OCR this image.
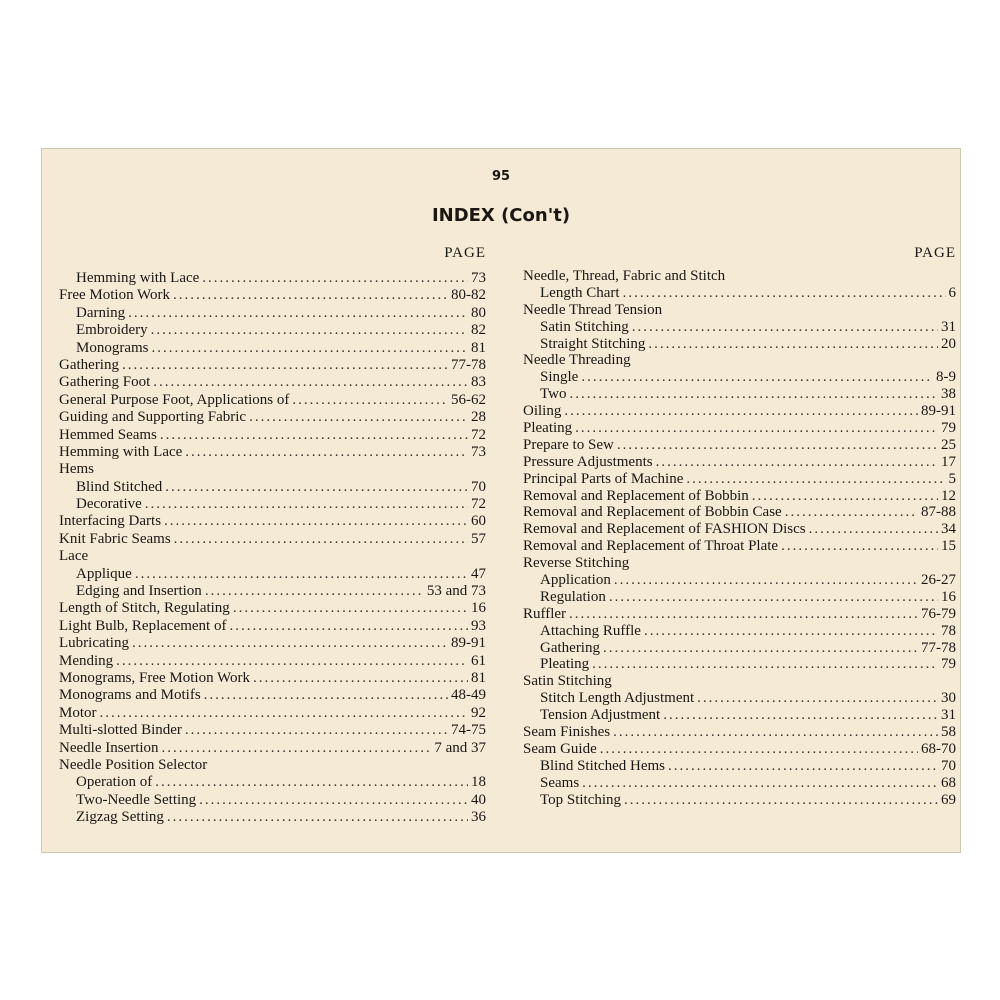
95
INDEX (Con't)
PAGE
Hemming with Lace .....	73
Free Motion Work .....	80-82
Darning .....	80
Embroidery .....	82
Monograms .....	81
Gathering .....	77-78
Gathering Foot .....	83
General Purpose Foot, Applications of .....	56-62
Guiding and Supporting Fabric .....	28
Hemmed Seams .....	72
Hemming with Lace .....	73
Hems
Blind Stitched .....	70
Decorative .....	72
Interfacing Darts .....	60
Knit Fabric Seams .....	57
Lace
Applique .....	47
Edging and Insertion .....	53 and 73
Length of Stitch, Regulating .....	16
Light Bulb, Replacement of .....	93
Lubricating .....	89-91
Mending .....	61
Monograms, Free Motion Work .....	81
Monograms and Motifs .....	48-49
Motor .....	92
Multi-slotted Binder .....	74-75
Needle Insertion .....	7 and 37
Needle Position Selector
Operation of .....	18
Two-Needle Setting .....	40
Zigzag Setting .....	36
PAGE
Needle, Thread, Fabric and Stitch
Length Chart .....	6
Needle Thread Tension
Satin Stitching .....	31
Straight Stitching .....	20
Needle Threading
Single .....	8-9
Two .....	38
Oiling .....	89-91
Pleating .....	79
Prepare to Sew .....	25
Pressure Adjustments .....	17
Principal Parts of Machine .....	5
Removal and Replacement of Bobbin .....	12
Removal and Replacement of Bobbin Case .....	87-88
Removal and Replacement of FASHION Discs .....	34
Removal and Replacement of Throat Plate .....	15
Reverse Stitching
Application .....	26-27
Regulation .....	16
Ruffler .....	76-79
Attaching Ruffle .....	78
Gathering .....	77-78
Pleating .....	79
Satin Stitching
Stitch Length Adjustment .....	30
Tension Adjustment .....	31
Seam Finishes .....	58
Seam Guide .....	68-70
Blind Stitched Hems .....	70
Seams .....	68
Top Stitching .....	69
